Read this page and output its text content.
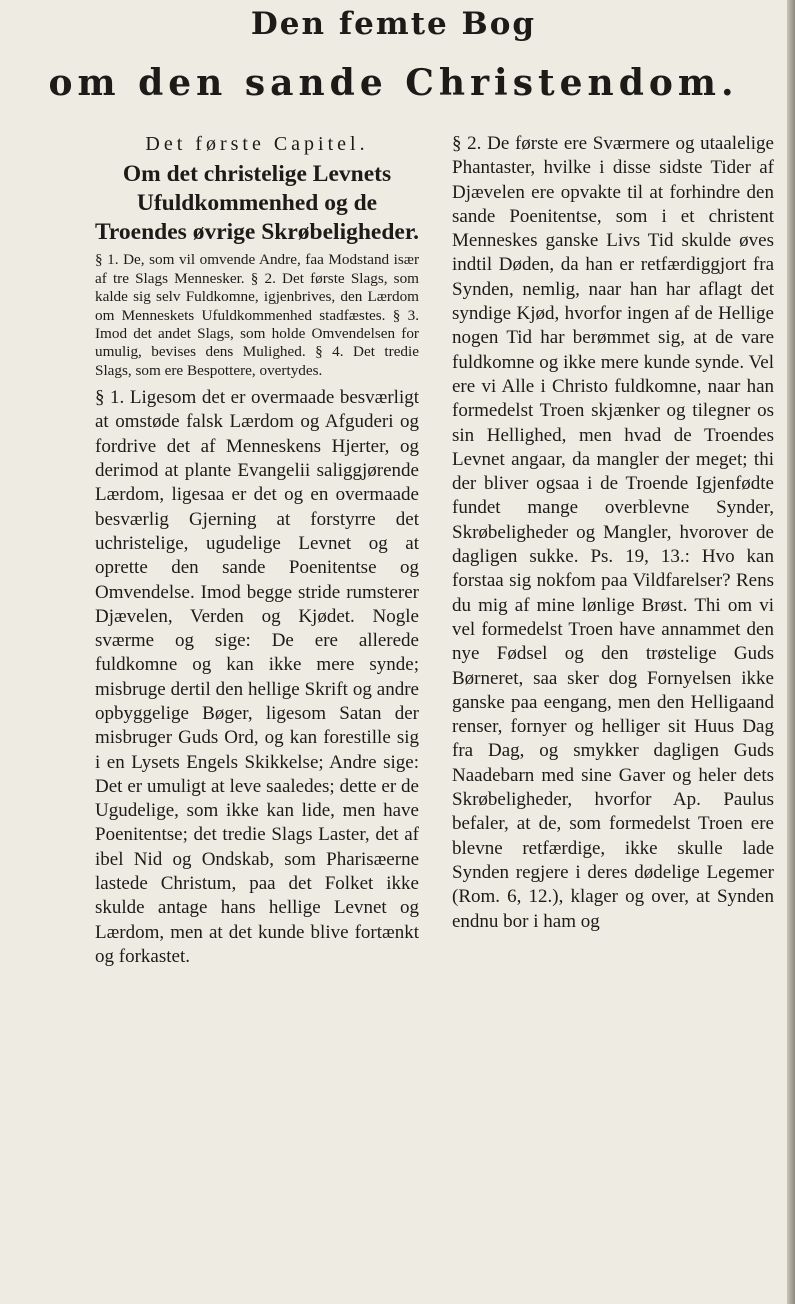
Den femte Bog
om den sande Christendom.
Det første Capitel.
Om det christelige Levnets Ufuldkommenhed og de Troendes øvrige Skrøbeligheder.
§ 1. De, som vil omvende Andre, faa Modstand især af tre Slags Mennesker. § 2. Det første Slags, som kalde sig selv Fuldkomne, igjenbrives, den Lærdom om Menneskets Ufuldkommenhed stadfæstes. § 3. Imod det andet Slags, som holde Omvendelsen for umulig, bevises dens Mulighed. § 4. Det tredie Slags, som ere Bespottere, overtydes.
§ 1. Ligesom det er overmaade besværligt at omstøde falsk Lærdom og Afguderi og fordrive det af Menneskens Hjerter, og derimod at plante Evangelii saliggjørende Lærdom, ligesaa er det og en overmaade besværlig Gjerning at forstyrre det uchristelige, ugudelige Levnet og at oprette den sande Poenitentse og Omvendelse. Imod begge stride rumsterer Djævelen, Verden og Kjødet. Nogle sværme og sige: De ere allerede fuldkomne og kan ikke mere synde; misbruge dertil den hellige Skrift og andre opbyggelige Bøger, ligesom Satan der misbruger Guds Ord, og kan forestille sig i en Lysets Engels Skikkelse; Andre sige: Det er umuligt at leve saaledes; dette er de Ugudelige, som ikke kan lide, men have Poenitentse; det tredie Slags Laster, det af ibel Nid og Ondskab, som Pharisæerne lastede Christum, paa det Folket ikke skulde antage hans hellige Levnet og Lærdom, men at det kunde blive fortænkt og forkastet.
§ 2. De første ere Sværmere og utaalelige Phantaster, hvilke i disse sidste Tider af Djævelen ere opvakte til at forhindre den sande Poenitentse, som i et christent Menneskes ganske Livs Tid skulde øves indtil Døden, da han er retfærdiggjort fra Synden, nemlig, naar han har aflagt det syndige Kjød, hvorfor ingen af de Hellige nogen Tid har berømmet sig, at de vare fuldkomne og ikke mere kunde synde. Vel ere vi Alle i Christo fuldkomne, naar han formedelst Troen skjænker og tilegner os sin Hellighed, men hvad de Troendes Levnet angaar, da mangler der meget; thi der bliver ogsaa i de Troende Igjenfødte fundet mange overblevne Synder, Skrøbeligheder og Mangler, hvorover de dagligen sukke. Ps. 19, 13.: Hvo kan forstaa sig nokfom paa Vildfarelser? Rens du mig af mine lønlige Brøst. Thi om vi vel formedelst Troen have annammet den nye Fødsel og den trøstelige Guds Børneret, saa sker dog Fornyelsen ikke ganske paa eengang, men den Helligaand renser, fornyer og helliger sit Huus Dag fra Dag, og smykker dagligen Guds Naadebarn med sine Gaver og heler dets Skrøbeligheder, hvorfor Ap. Paulus befaler, at de, som formedelst Troen ere blevne retfærdige, ikke skulle lade Synden regjere i deres dødelige Legemer (Rom. 6, 12.), klager og over, at Synden endnu bor i ham og
